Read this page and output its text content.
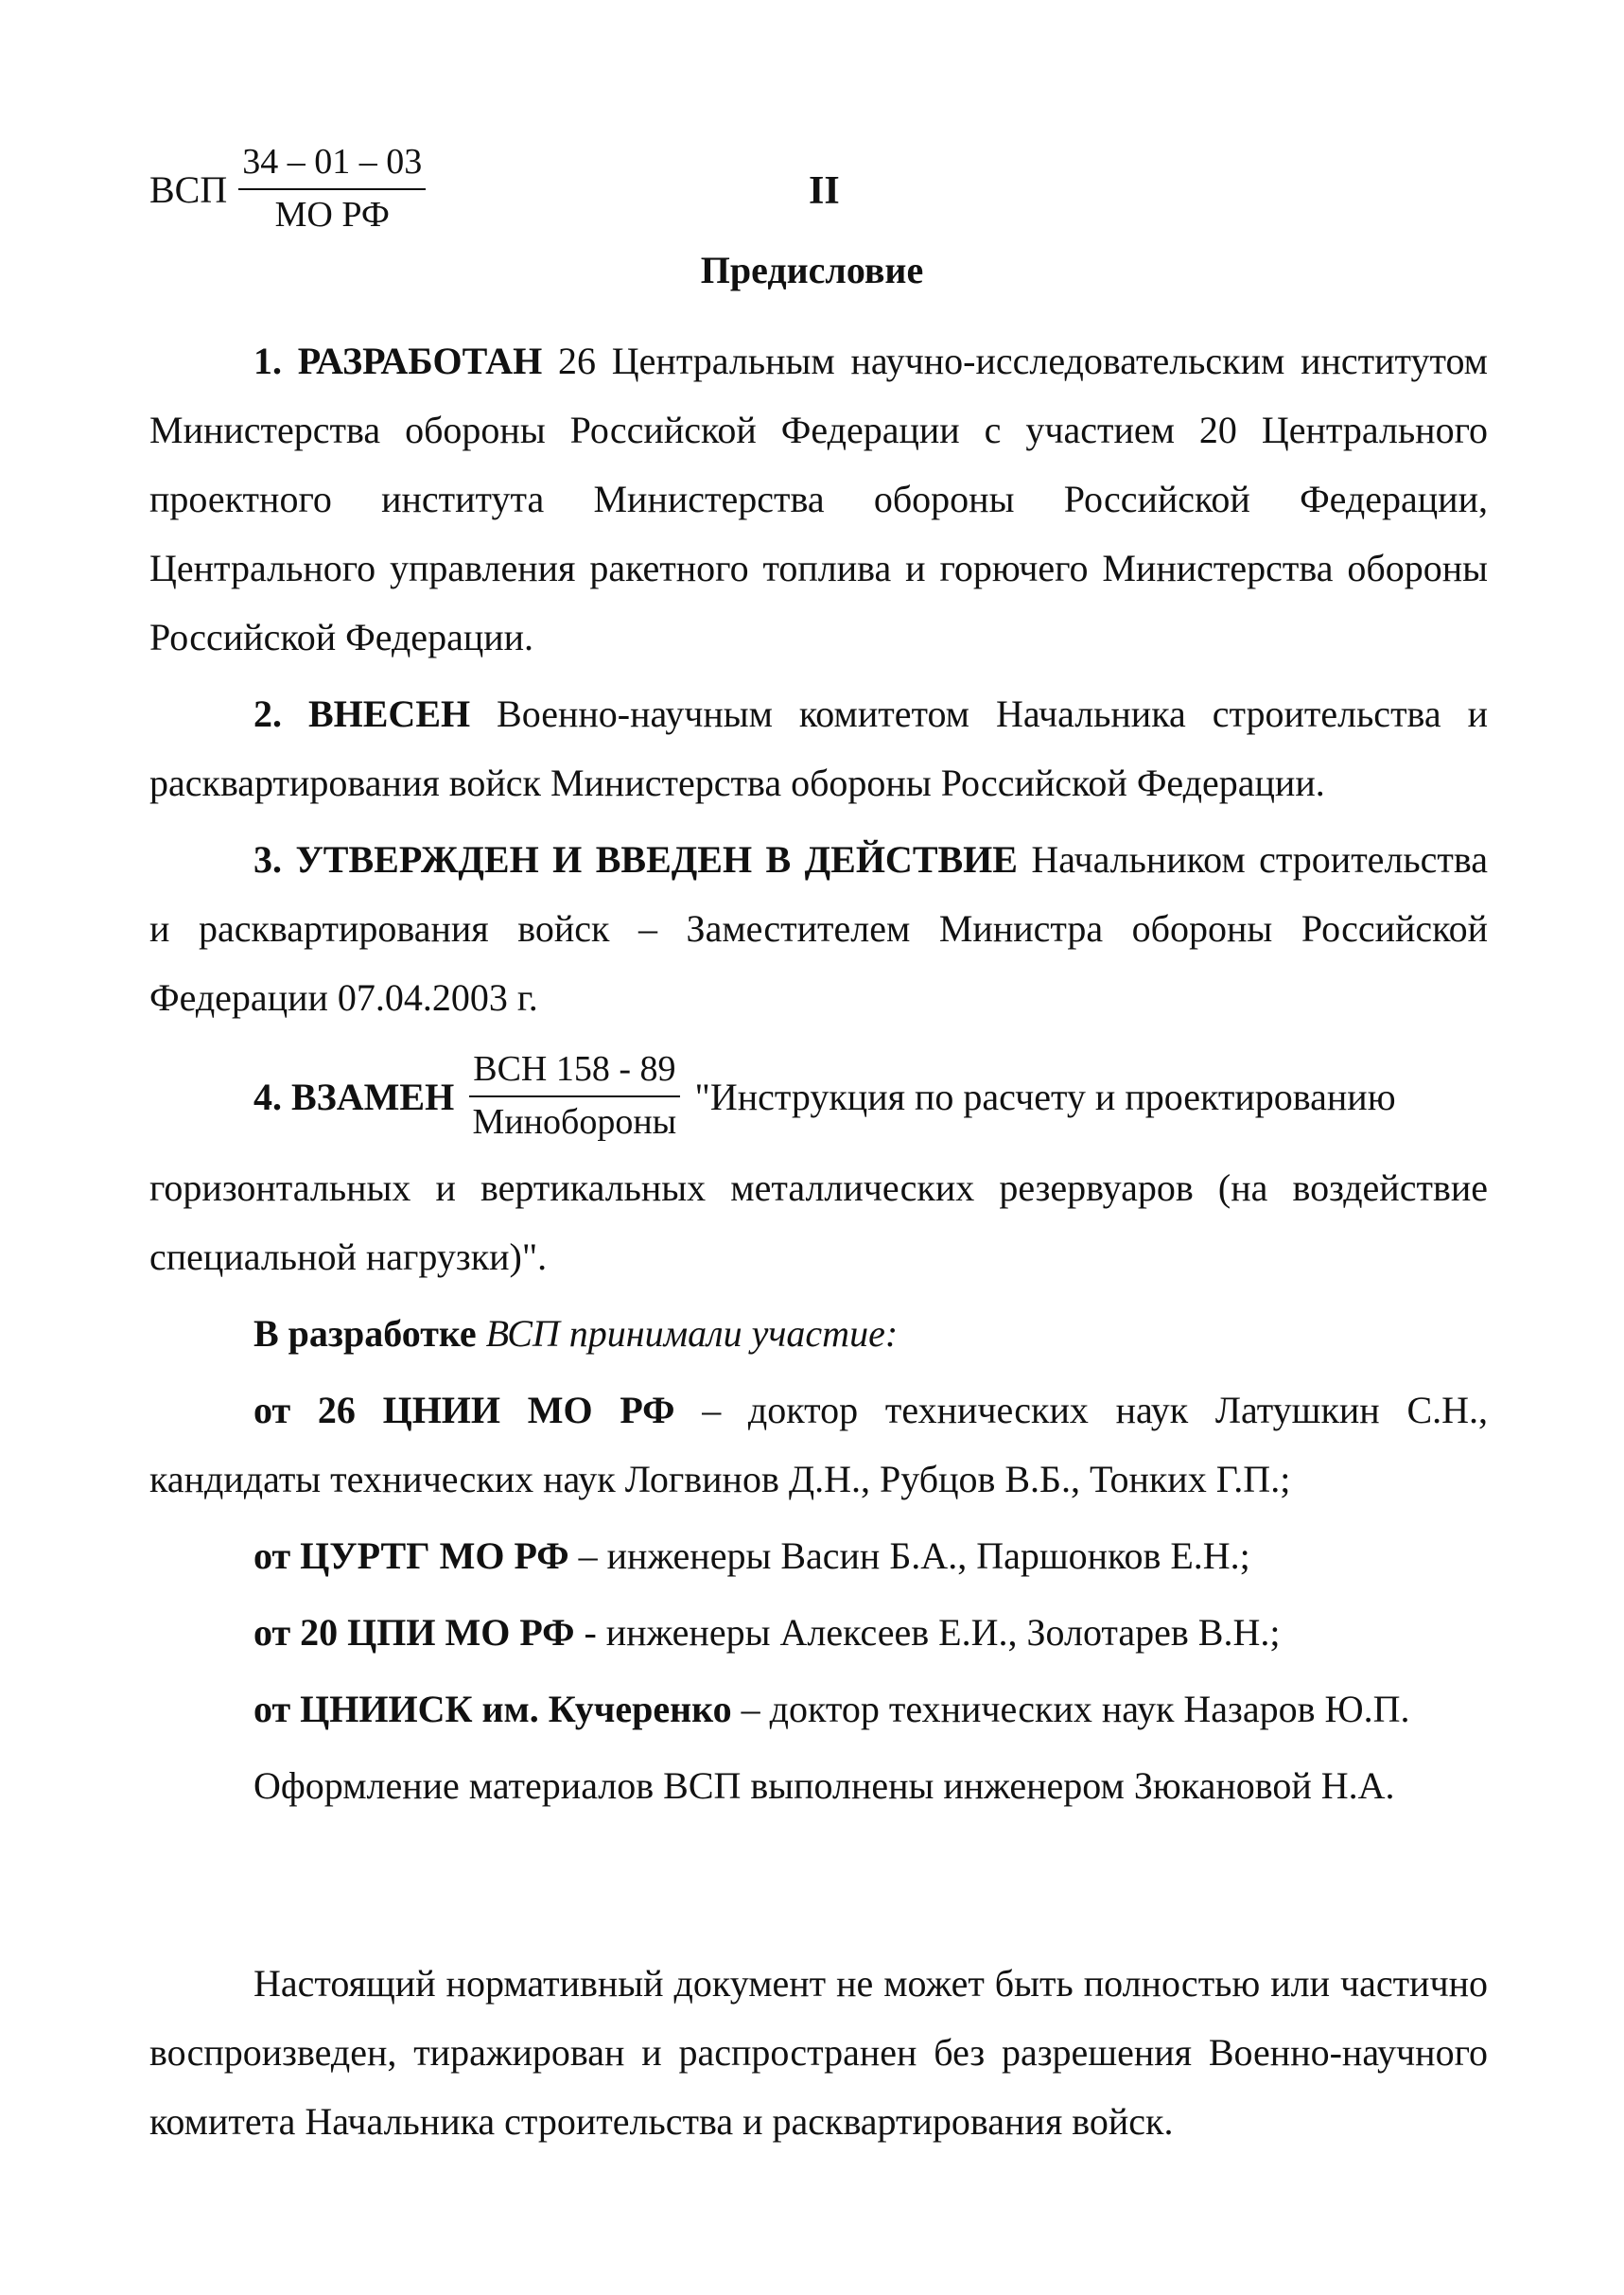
ВСП $\frac{34 - 01 - 03}{\text{МО РФ}}$	II
Предисловие

1. РАЗРАБОТАН 26 Центральным научно-исследовательским институтом Министерства обороны Российской Федерации с участием 20 Центрального проектного института Министерства обороны Российской Федерации, Центрального управления ракетного топлива и горючего Министерства обороны Российской Федерации.

2. ВНЕСЕН Военно-научным комитетом Начальника строительства и расквартирования войск Министерства обороны Российской Федерации.

3. УТВЕРЖДЕН И ВВЕДЕН В ДЕЙСТВИЕ Начальником строительства и расквартирования войск – Заместителем Министра обороны Российской Федерации 07.04.2003 г.

4.
ВЗАМЕН $\frac{\text{ВСН 158 - 89}}{\text{Минобороны}}$ "Инструкция по расчету и проектированию

горизонтальных и вертикальных металлических резервуаров (на воздействие специальной нагрузки)".

В разработке ВСП принимали участие:

от 26 ЦНИИ МО РФ – доктор технических наук Латушкин С.Н., кандидаты технических наук Логвинов Д.Н., Рубцов В.Б., Тонких Г.П.;

от ЦУРТГ МО РФ – инженеры Васин Б.А., Паршонков Е.Н.;

от 20 ЦПИ МО РФ - инженеры Алексеев Е.И., Золотарев В.Н.;

от ЦНИИСК им. Кучеренко – доктор технических наук Назаров Ю.П.

Оформление материалов ВСП выполнены инженером Зюкановой Н.А.

Настоящий нормативный документ не может быть полностью или частично воспроизведен, тиражирован и распространен без разрешения Военно-научного комитета Начальника строительства и расквартирования войск.
